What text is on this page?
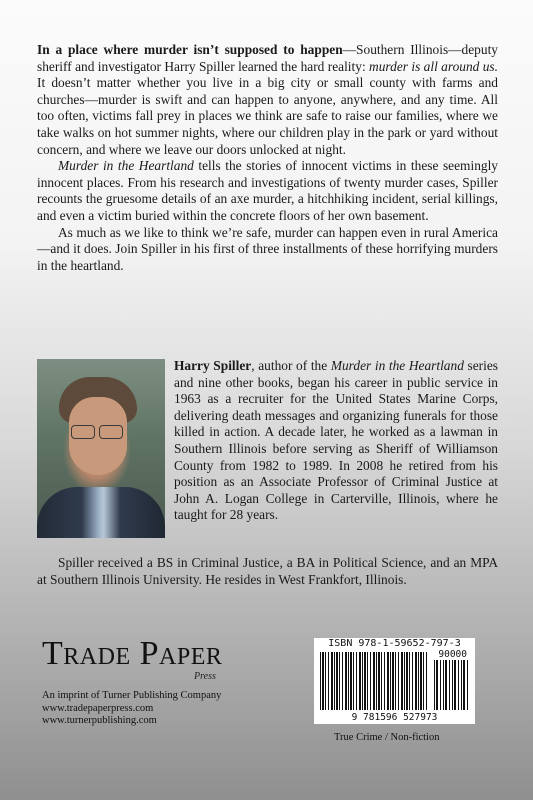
In a place where murder isn’t supposed to happen—Southern Illinois—deputy sheriff and investigator Harry Spiller learned the hard reality: murder is all around us. It doesn’t matter whether you live in a big city or small county with farms and churches—murder is swift and can happen to anyone, anywhere, and any time. All too often, victims fall prey in places we think are safe to raise our families, where we take walks on hot summer nights, where our children play in the park or yard without concern, and where we leave our doors unlocked at night.

Murder in the Heartland tells the stories of innocent victims in these seemingly innocent places. From his research and investigations of twenty murder cases, Spiller recounts the gruesome details of an axe murder, a hitchhiking incident, serial killings, and even a victim buried within the concrete floors of her own basement.

As much as we like to think we’re safe, murder can happen even in rural America—and it does. Join Spiller in his first of three installments of these horrifying murders in the heartland.

Harry Spiller, author of the Murder in the Heartland series and nine other books, began his career in public service in 1963 as a recruiter for the United States Marine Corps, delivering death messages and organizing funerals for those killed in action. A decade later, he worked as a lawman in Southern Illinois before serving as Sheriff of Williamson County from 1982 to 1989. In 2008 he retired from his position as an Associate Professor of Criminal Justice at John A. Logan College in Carterville, Illinois, where he taught for 28 years.

Spiller received a BS in Criminal Justice, a BA in Political Science, and an MPA at Southern Illinois University. He resides in West Frankfort, Illinois.

Trade Paper
Press
An imprint of Turner Publishing Company
www.tradepaperpress.com
www.turnerpublishing.com
ISBN 978-1-59652-797-3
90000
9 781596 527973
True Crime / Non-fiction
